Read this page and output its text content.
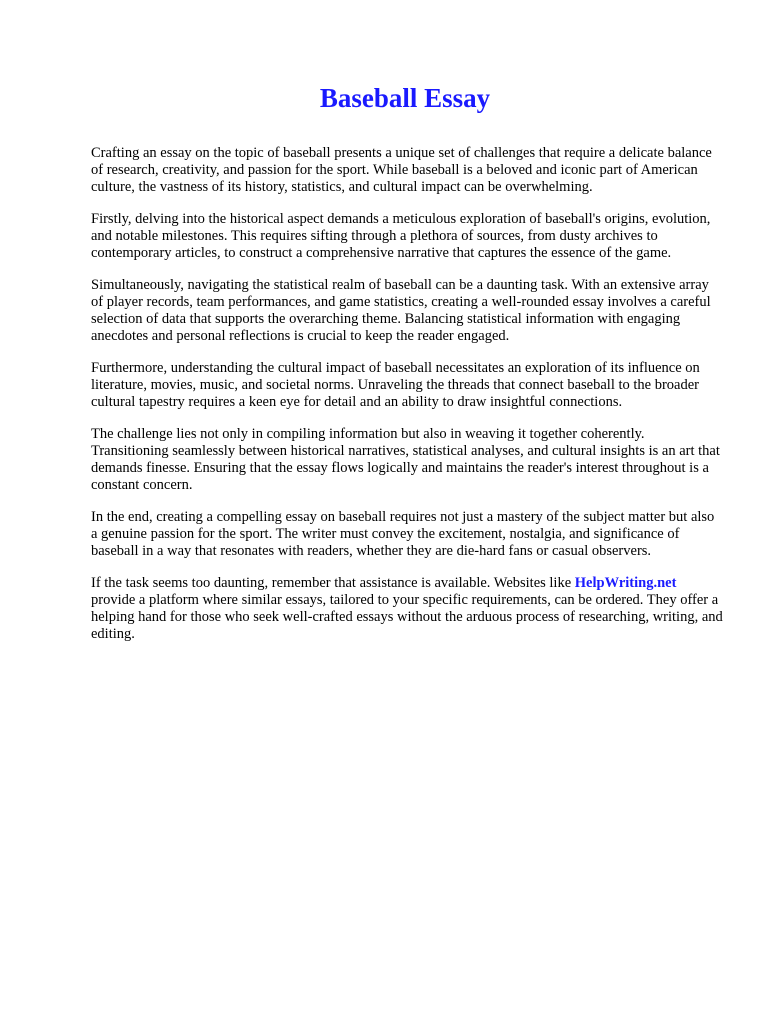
Baseball Essay

Crafting an essay on the topic of baseball presents a unique set of challenges that require a delicate balance of research, creativity, and passion for the sport. While baseball is a beloved and iconic part of American culture, the vastness of its history, statistics, and cultural impact can be overwhelming.

Firstly, delving into the historical aspect demands a meticulous exploration of baseball's origins, evolution, and notable milestones. This requires sifting through a plethora of sources, from dusty archives to contemporary articles, to construct a comprehensive narrative that captures the essence of the game.

Simultaneously, navigating the statistical realm of baseball can be a daunting task. With an extensive array of player records, team performances, and game statistics, creating a well-rounded essay involves a careful selection of data that supports the overarching theme. Balancing statistical information with engaging anecdotes and personal reflections is crucial to keep the reader engaged.

Furthermore, understanding the cultural impact of baseball necessitates an exploration of its influence on literature, movies, music, and societal norms. Unraveling the threads that connect baseball to the broader cultural tapestry requires a keen eye for detail and an ability to draw insightful connections.

The challenge lies not only in compiling information but also in weaving it together coherently. Transitioning seamlessly between historical narratives, statistical analyses, and cultural insights is an art that demands finesse. Ensuring that the essay flows logically and maintains the reader's interest throughout is a constant concern.

In the end, creating a compelling essay on baseball requires not just a mastery of the subject matter but also a genuine passion for the sport. The writer must convey the excitement, nostalgia, and significance of baseball in a way that resonates with readers, whether they are die-hard fans or casual observers.

If the task seems too daunting, remember that assistance is available. Websites like HelpWriting.net provide a platform where similar essays, tailored to your specific requirements, can be ordered. They offer a helping hand for those who seek well-crafted essays without the arduous process of researching, writing, and editing.
